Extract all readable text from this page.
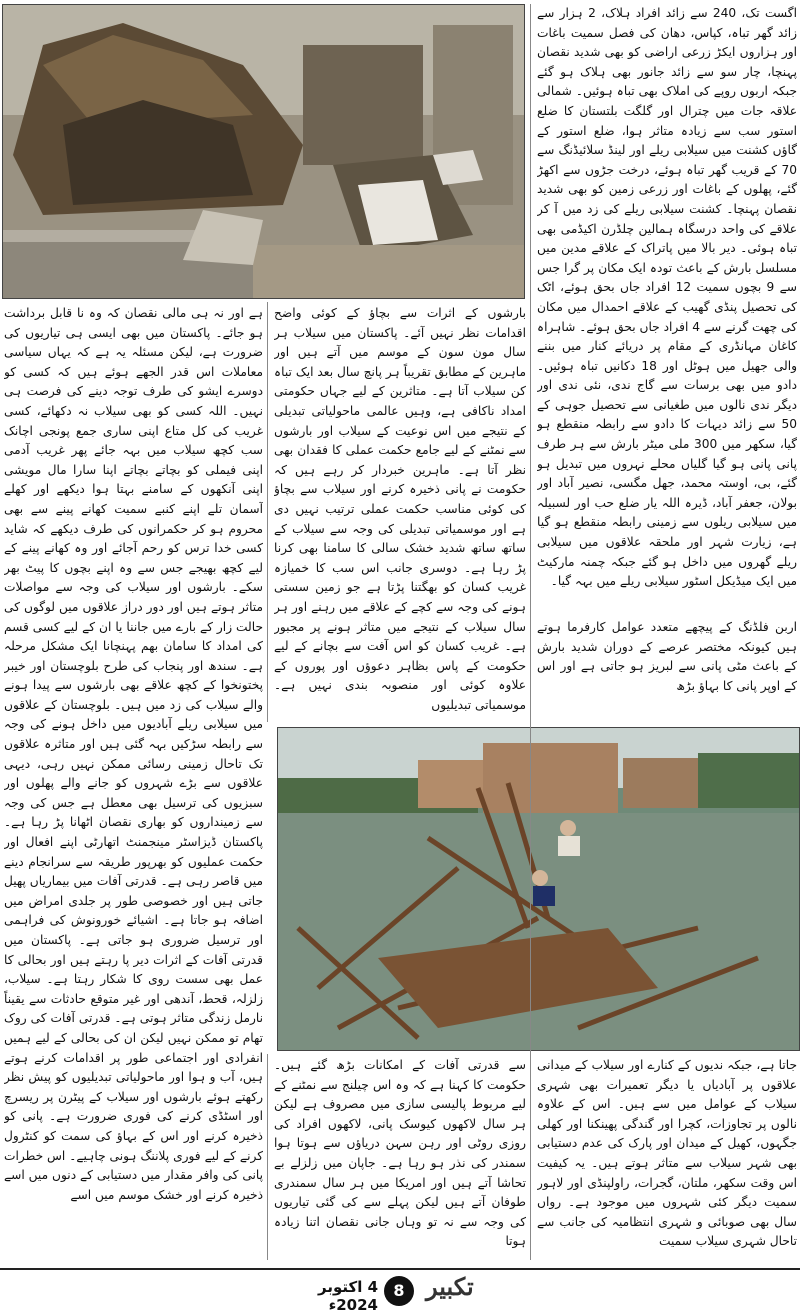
اگست تک، 240 سے زائد افراد ہلاک، 2 ہزار سے زائد گھر تباہ، کپاس، دھان کی فصل سمیت باغات اور ہزاروں ایکڑ زرعی اراضی کو بھی شدید نقصان پہنچا، چار سو سے زائد جانور بھی ہلاک ہو گئے جبکہ اربوں روپے کی املاک بھی تباہ ہوئیں۔ شمالی علاقہ جات میں چترال اور گلگت بلتستان کا ضلع استور سب سے زیادہ متاثر ہوا، ضلع استور کے گاؤں کشنت میں سیلابی ریلے اور لینڈ سلائیڈنگ سے 70 کے قریب گھر تباہ ہوئے، درخت جڑوں سے اکھڑ گئے، پھلوں کے باغات اور زرعی زمین کو بھی شدید نقصان پہنچا۔ کشنت سیلابی ریلے کی زد میں آ کر علاقے کی واحد درسگاہ ہمالین چلڈرن اکیڈمی بھی تباہ ہوئی۔ دیر بالا میں پاتراک کے علاقے مدین میں مسلسل بارش کے باعث تودہ ایک مکان پر گرا جس سے 9 بچوں سمیت 12 افراد جاں بحق ہوئے، اٹک کی تحصیل پنڈی گھیب کے علاقے احمدال میں مکان کی چھت گرنے سے 4 افراد جاں بحق ہوئے۔ شاہراہ کاغان مہانڈری کے مقام پر دریائے کنار میں بننے والی جھیل میں ہوٹل اور 18 دکانیں تباہ ہوئیں۔ دادو میں بھی برسات سے گاج ندی، نئی ندی اور دیگر ندی نالوں میں طغیانی سے تحصیل جوہی کے 50 سے زائد دیہات کا دادو سے رابطہ منقطع ہو گیا، سکھر میں 300 ملی میٹر بارش سے ہر طرف پانی پانی ہو گیا گلیاں محلے نہروں میں تبدیل ہو گئے، بی، اوستہ محمد، جھل مگسی، نصیر آباد اور بولان، جعفر آباد، ڈیرہ اللہ یار ضلع حب اور لسبیلہ میں سیلابی ریلوں سے زمینی رابطہ منقطع ہو گیا ہے، زیارت شہر اور ملحقہ علاقوں میں سیلابی ریلے گھروں میں داخل ہو گئے جبکہ چمنہ مارکیٹ میں ایک میڈیکل اسٹور سیلابی ریلے میں بہہ گیا۔

اربن فلڈنگ کے پیچھے متعدد عوامل کارفرما ہوتے ہیں کیونکہ مختصر عرصے کے دوران شدید بارش کے باعث مٹی پانی سے لبریز ہو جاتی ہے اور اس کے اوپر پانی کا بہاؤ بڑھ

بارشوں کے اثرات سے بچاؤ کے کوئی واضح اقدامات نظر نہیں آئے۔ پاکستان میں سیلاب ہر سال مون سون کے موسم میں آتے ہیں اور ماہرین کے مطابق تقریباً ہر پانچ سال بعد ایک تباہ کن سیلاب آتا ہے۔ متاثرین کے لیے جہاں حکومتی امداد ناکافی ہے، وہیں عالمی ماحولیاتی تبدیلی کے نتیجے میں اس نوعیت کے سیلاب اور بارشوں سے نمٹنے کے لیے جامع حکمت عملی کا فقدان بھی نظر آتا ہے۔ ماہرین خبردار کر رہے ہیں کہ حکومت نے پانی ذخیرہ کرنے اور سیلاب سے بچاؤ کی کوئی مناسب حکمت عملی ترتیب نہیں دی ہے اور موسمیاتی تبدیلی کی وجہ سے سیلاب کے ساتھ ساتھ شدید خشک سالی کا سامنا بھی کرنا پڑ رہا ہے۔ دوسری جانب اس سب کا خمیازہ غریب کسان کو بھگتنا پڑتا ہے جو زمین سستی ہونے کی وجہ سے کچے کے علاقے میں رہنے اور ہر سال سیلاب کے نتیجے میں متاثر ہونے پر مجبور ہے۔ غریب کسان کو اس آفت سے بچانے کے لیے حکومت کے پاس بظاہر دعوؤں اور پوروں کے علاوہ کوئی اور منصوبہ بندی نہیں ہے۔ موسمیاتی تبدیلیوں

ہے اور نہ ہی مالی نقصان کہ وہ نا قابل برداشت ہو جائے۔ پاکستان میں بھی ایسی ہی تیاریوں کی ضرورت ہے، لیکن مسئلہ یہ ہے کہ یہاں سیاسی معاملات اس قدر الجھے ہوئے ہیں کہ کسی کو دوسرے ایشو کی طرف توجہ دینے کی فرصت ہی نہیں۔ اللہ کسی کو بھی سیلاب نہ دکھائے، کسی غریب کی کل متاع اپنی ساری جمع پونجی اچانک سب کچھ سیلاب میں بہہ جائے پھر غریب آدمی اپنی فیملی کو بچاتے بچاتے اپنا سارا مال مویشی اپنی آنکھوں کے سامنے بہتا ہوا دیکھے اور کھلے آسمان تلے اپنے کنبے سمیت کھانے پینے سے بھی محروم ہو کر حکمرانوں کی طرف دیکھے کہ شاید کسی خدا ترس کو رحم آجائے اور وہ کھانے پینے کے لیے کچھ بھیجے جس سے وہ اپنے بچوں کا پیٹ بھر سکے۔ بارشوں اور سیلاب کی وجہ سے مواصلات متاثر ہوتے ہیں اور دور دراز علاقوں میں لوگوں کی حالت زار کے بارے میں جاننا یا ان کے لیے کسی قسم کی امداد کا سامان بھم پہنچانا ایک مشکل مرحلہ ہے۔ سندھ اور پنجاب کی طرح بلوچستان اور خیبر پختونخوا کے کچھ علاقے بھی بارشوں سے پیدا ہونے والے سیلاب کی زد میں ہیں۔ بلوچستان کے علاقوں میں سیلابی ریلے آبادیوں میں داخل ہونے کی وجہ سے رابطہ سڑکیں بہہ گئی ہیں اور متاثرہ علاقوں تک تاحال زمینی رسائی ممکن نہیں رہی، دیہی علاقوں سے بڑے شہروں کو جانے والے پھلوں اور سبزیوں کی ترسیل بھی معطل ہے جس کی وجہ سے زمینداروں کو بھاری نقصان اٹھانا پڑ رہا ہے۔ پاکستان ڈیزاسٹر مینجمنٹ اتھارٹی اپنے افعال اور حکمت عملیوں کو بھرپور طریقہ سے سرانجام دینے میں قاصر رہی ہے۔ قدرتی آفات میں بیماریاں پھیل جاتی ہیں اور خصوصی طور پر جلدی امراض میں اضافہ ہو جاتا ہے۔ اشیائے خورونوش کی فراہمی اور ترسیل ضروری ہو جاتی ہے۔ پاکستان میں قدرتی آفات کے اثرات دیر پا رہتے ہیں اور بحالی کا عمل بھی سست روی کا شکار رہتا ہے۔ سیلاب، زلزلہ، قحط، آندھی اور غیر متوقع حادثات سے یقیناً نارمل زندگی متاثر ہوتی ہے۔ قدرتی آفات کی روک تھام تو ممکن نہیں لیکن ان کی بحالی کے لیے ہمیں انفرادی اور اجتماعی طور پر اقدامات کرنے ہوتے ہیں، آب و ہوا اور ماحولیاتی تبدیلیوں کو پیش نظر رکھتے ہوئے بارشوں اور سیلاب کے پیٹرن پر ریسرچ اور اسٹڈی کرنے کی فوری ضرورت ہے۔ پانی کو ذخیرہ کرنے اور اس کے بہاؤ کی سمت کو کنٹرول کرنے کے لیے فوری پلاننگ ہونی چاہیے۔ اس خطرات پانی کی وافر مقدار میں دستیابی کے دنوں میں اسے ذخیرہ کرنے اور خشک موسم میں اسے

سے قدرتی آفات کے امکانات بڑھ گئے ہیں۔ حکومت کا کہنا ہے کہ وہ اس چیلنج سے نمٹنے کے لیے مربوط پالیسی سازی میں مصروف ہے لیکن ہر سال لاکھوں کیوسک پانی، لاکھوں افراد کی روزی روٹی اور رہن سہن دریاؤں سے ہوتا ہوا سمندر کی نذر ہو رہا ہے۔ جاپان میں زلزلے بے تحاشا آتے ہیں اور امریکا میں ہر سال سمندری طوفان آتے ہیں لیکن پہلے سے کی گئی تیاریوں کی وجہ سے نہ تو وہاں جانی نقصان اتنا زیادہ ہوتا

جاتا ہے، جبکہ ندیوں کے کنارے اور سیلاب کے میدانی علاقوں پر آبادیاں یا دیگر تعمیرات بھی شہری سیلاب کے عوامل میں سے ہیں۔ اس کے علاوہ نالوں پر تجاوزات، کچرا اور گندگی پھینکنا اور کھلی جگہوں، کھیل کے میدان اور پارک کی عدم دستیابی بھی شہر سیلاب سے متاثر ہوتے ہیں۔ یہ کیفیت اس وقت سکھر، ملتان، گجرات، راولپنڈی اور لاہور سمیت دیگر کئی شہروں میں موجود ہے۔ رواں سال بھی صوبائی و شہری انتظامیہ کی جانب سے تاحال شہری سیلاب سمیت

4 اکتوبر 2024ء
8 تکبیر
